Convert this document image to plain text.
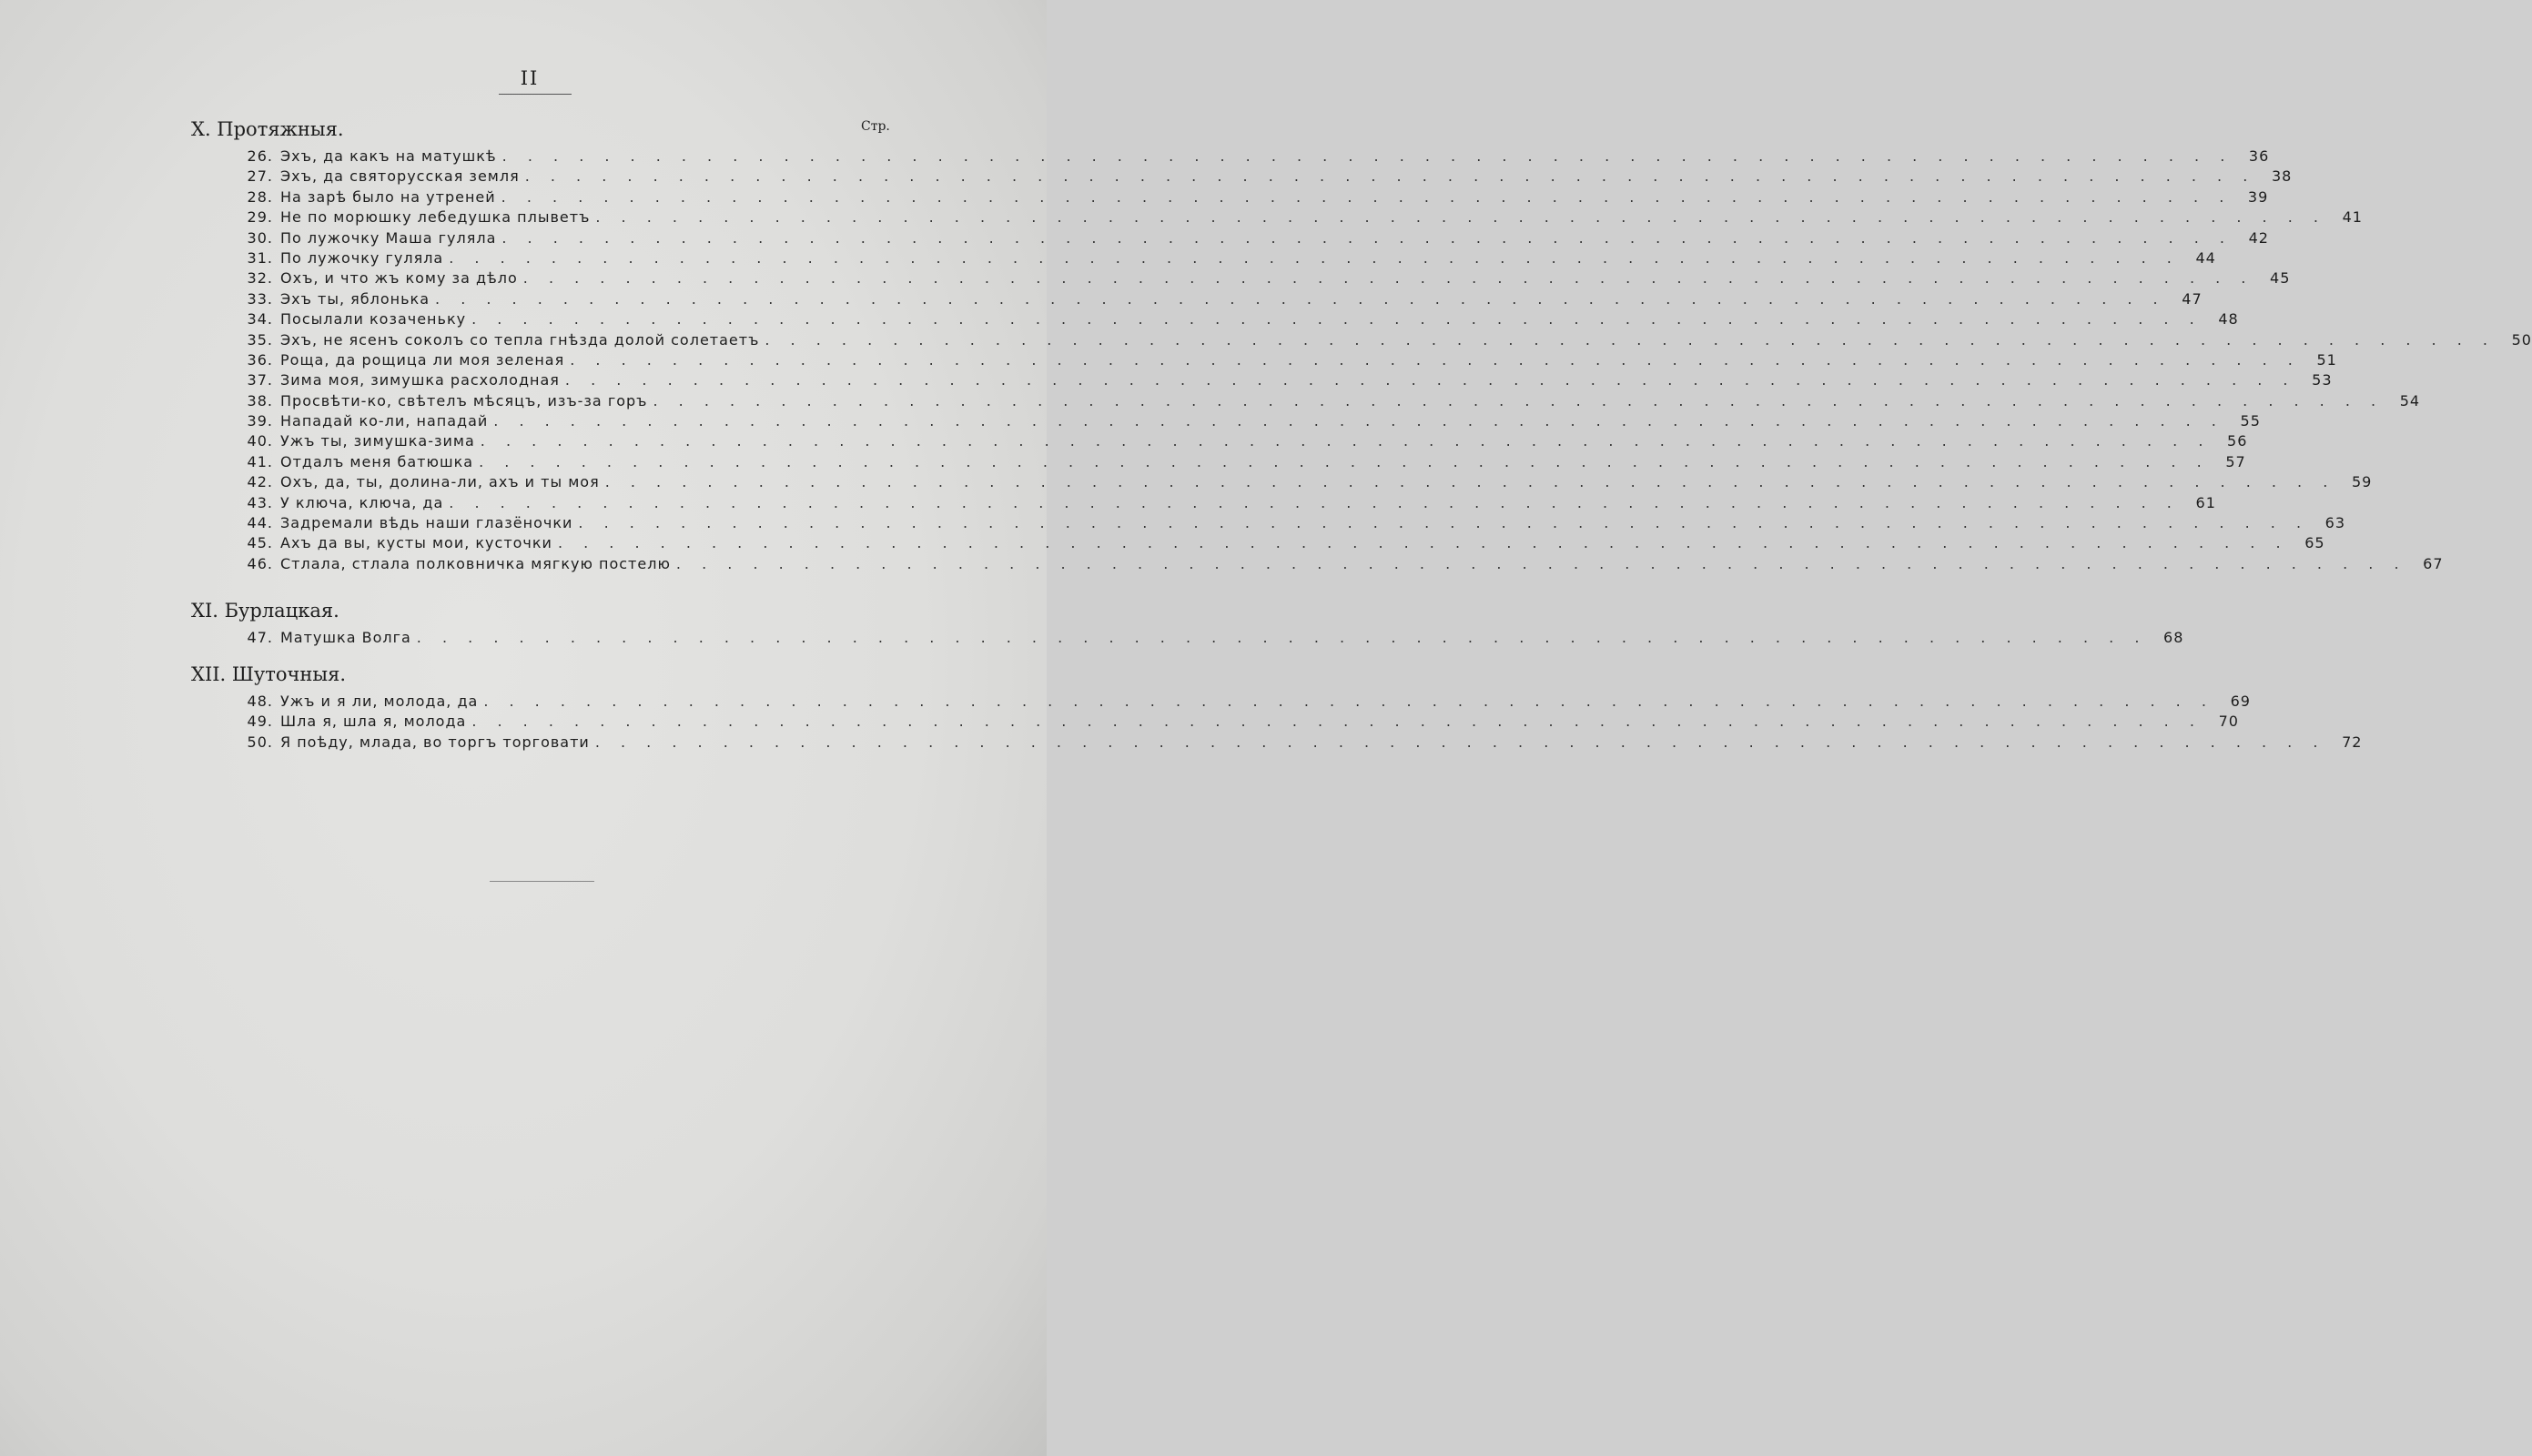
II
Стр.
X. Протяжныя.
26. Эхъ, да какъ на матушкѣ . . . . . . . . . . . . . . . . . . . . . . . . . . . . . . . . . . . . . . . . . . . . . . . . . . . . . . . . . . . . . . . . . . . .	36
27. Эхъ, да святорусская земля . . . . . . . . . . . . . . . . . . . . . . . . . . . . . . . . . . . . . . . . . . . . . . . . . . . . . . . . . . . . . . . . . . . .	38
28. На зарѣ было на утреней . . . . . . . . . . . . . . . . . . . . . . . . . . . . . . . . . . . . . . . . . . . . . . . . . . . . . . . . . . . . . . . . . . . .	39
29. Не по морюшку лебедушка плыветъ . . . . . . . . . . . . . . . . . . . . . . . . . . . . . . . . . . . . . . . . . . . . . . . . . . . . . . . . . . . . . . . . . . . .	41
30. По лужочку Маша гуляла . . . . . . . . . . . . . . . . . . . . . . . . . . . . . . . . . . . . . . . . . . . . . . . . . . . . . . . . . . . . . . . . . . . .	42
31. По лужочку гуляла . . . . . . . . . . . . . . . . . . . . . . . . . . . . . . . . . . . . . . . . . . . . . . . . . . . . . . . . . . . . . . . . . . . .	44
32. Охъ, и что жъ кому за дѣло . . . . . . . . . . . . . . . . . . . . . . . . . . . . . . . . . . . . . . . . . . . . . . . . . . . . . . . . . . . . . . . . . . . .	45
33. Эхъ ты, яблонька . . . . . . . . . . . . . . . . . . . . . . . . . . . . . . . . . . . . . . . . . . . . . . . . . . . . . . . . . . . . . . . . . . . .	47
34. Посылали козаченьку . . . . . . . . . . . . . . . . . . . . . . . . . . . . . . . . . . . . . . . . . . . . . . . . . . . . . . . . . . . . . . . . . . . .	48
35. Эхъ, не ясенъ соколъ со тепла гнѣзда долой солетаетъ . . . . . . . . . . . . . . . . . . . . . . . . . . . . . . . . . . . . . . . . . . . . . . . . . . . . . . . . . . . . . . . . . . . .	50
36. Роща, да рощица ли моя зеленая . . . . . . . . . . . . . . . . . . . . . . . . . . . . . . . . . . . . . . . . . . . . . . . . . . . . . . . . . . . . . . . . . . . .	51
37. Зима моя, зимушка расхолодная . . . . . . . . . . . . . . . . . . . . . . . . . . . . . . . . . . . . . . . . . . . . . . . . . . . . . . . . . . . . . . . . . . . .	53
38. Просвѣти-ко, свѣтелъ мѣсяцъ, изъ-за горъ . . . . . . . . . . . . . . . . . . . . . . . . . . . . . . . . . . . . . . . . . . . . . . . . . . . . . . . . . . . . . . . . . . . .	54
39. Нападай ко-ли, нападай . . . . . . . . . . . . . . . . . . . . . . . . . . . . . . . . . . . . . . . . . . . . . . . . . . . . . . . . . . . . . . . . . . . .	55
40. Ужъ ты, зимушка-зима . . . . . . . . . . . . . . . . . . . . . . . . . . . . . . . . . . . . . . . . . . . . . . . . . . . . . . . . . . . . . . . . . . . .	56
41. Отдалъ меня батюшка . . . . . . . . . . . . . . . . . . . . . . . . . . . . . . . . . . . . . . . . . . . . . . . . . . . . . . . . . . . . . . . . . . . .	57
42. Охъ, да, ты, долина-ли, ахъ и ты моя . . . . . . . . . . . . . . . . . . . . . . . . . . . . . . . . . . . . . . . . . . . . . . . . . . . . . . . . . . . . . . . . . . . .	59
43. У ключа, ключа, да . . . . . . . . . . . . . . . . . . . . . . . . . . . . . . . . . . . . . . . . . . . . . . . . . . . . . . . . . . . . . . . . . . . .	61
44. Задремали вѣдь наши глазёночки . . . . . . . . . . . . . . . . . . . . . . . . . . . . . . . . . . . . . . . . . . . . . . . . . . . . . . . . . . . . . . . . . . . .	63
45. Ахъ да вы, кусты мои, кусточки . . . . . . . . . . . . . . . . . . . . . . . . . . . . . . . . . . . . . . . . . . . . . . . . . . . . . . . . . . . . . . . . . . . .	65
46. Стлала, стлала полковничка мягкую постелю . . . . . . . . . . . . . . . . . . . . . . . . . . . . . . . . . . . . . . . . . . . . . . . . . . . . . . . . . . . . . . . . . . . .	67
XI. Бурлацкая.
47. Матушка Волга . . . . . . . . . . . . . . . . . . . . . . . . . . . . . . . . . . . . . . . . . . . . . . . . . . . . . . . . . . . . . . . . . . . .	68
XII. Шуточныя.
48. Ужъ и я ли, молода, да . . . . . . . . . . . . . . . . . . . . . . . . . . . . . . . . . . . . . . . . . . . . . . . . . . . . . . . . . . . . . . . . . . . .	69
49. Шла я, шла я, молода . . . . . . . . . . . . . . . . . . . . . . . . . . . . . . . . . . . . . . . . . . . . . . . . . . . . . . . . . . . . . . . . . . . .	70
50. Я поѣду, млада, во торгъ торговати . . . . . . . . . . . . . . . . . . . . . . . . . . . . . . . . . . . . . . . . . . . . . . . . . . . . . . . . . . . . . . . . . . . .	72
